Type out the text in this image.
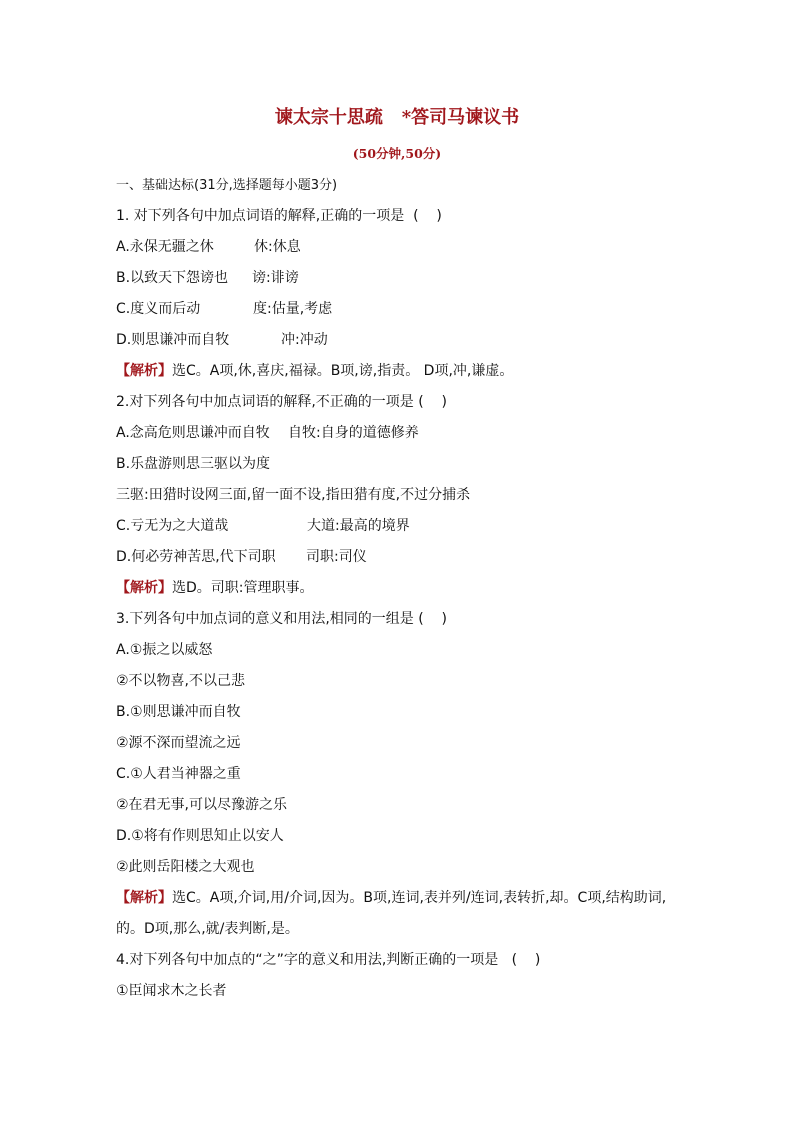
谏太宗十思疏   *答司马谏议书
(50分钟,50分)
一、基础达标(31分,选择题每小题3分)
1. 对下列各句中加点词语的解释,正确的一项是  (    )
A.永保无疆之休	休:休息
B.以致天下怨谤也 谤:诽谤
C.度义而后动	度:估量,考虑
D.则思谦冲而自牧	冲:冲动
【解析】选C。A项,休,喜庆,福禄。B项,谤,指责。 D项,冲,谦虚。
2.对下列各句中加点词语的解释,不正确的一项是 (    )
A.念高危则思谦冲而自牧 自牧:自身的道德修养
B.乐盘游则思三驱以为度
三驱:田猎时设网三面,留一面不设,指田猎有度,不过分捕杀
C.亏无为之大道哉	大道:最高的境界
D.何必劳神苦思,代下司职 司职:司仪
【解析】选D。司职:管理职事。
3.下列各句中加点词的意义和用法,相同的一组是 (    )
A.①振之以威怒
②不以物喜,不以己悲
B.①则思谦冲而自牧
②源不深而望流之远
C.①人君当神器之重
②在君无事,可以尽豫游之乐
D.①将有作则思知止以安人
②此则岳阳楼之大观也
【解析】选C。A项,介词,用/介词,因为。B项,连词,表并列/连词,表转折,却。C项,结构助词,的。D项,那么,就/表判断,是。
4.对下列各句中加点的“之”字的意义和用法,判断正确的一项是   (    )
①臣闻求木之长者
